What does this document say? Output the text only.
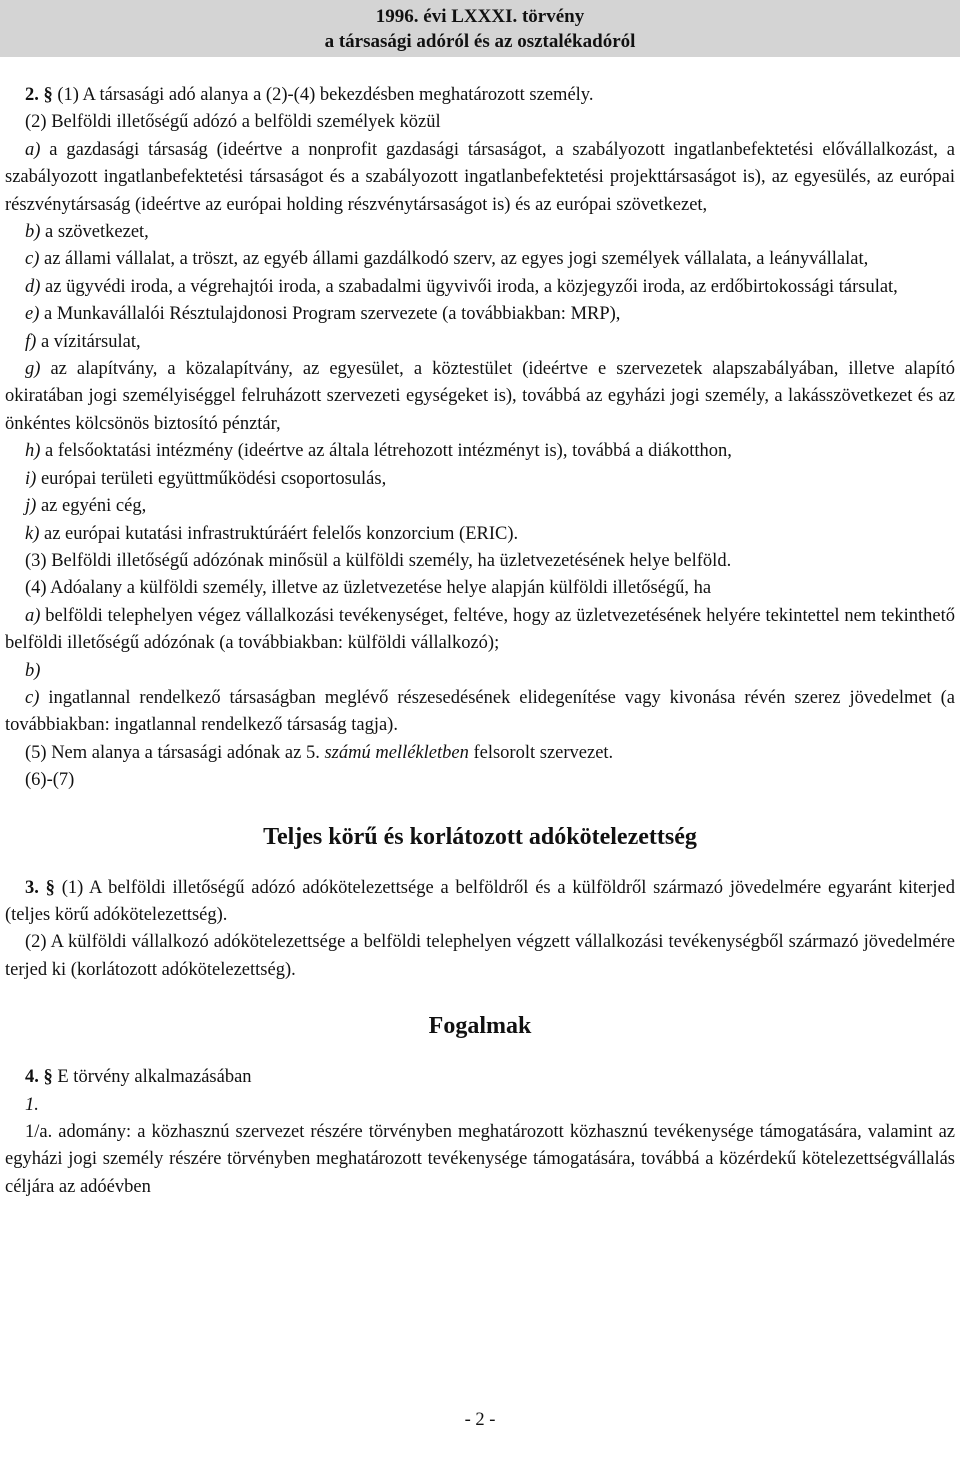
1996. évi LXXXI. törvény
a társasági adóról és az osztalékadóról

2. § (1) A társasági adó alanya a (2)-(4) bekezdésben meghatározott személy.

(2) Belföldi illetőségű adózó a belföldi személyek közül

a) a gazdasági társaság (ideértve a nonprofit gazdasági társaságot, a szabályozott ingatlanbefektetési elővállalkozást, a szabályozott ingatlanbefektetési társaságot és a szabályozott ingatlanbefektetési projekttársaságot is), az egyesülés, az európai részvénytársaság (ideértve az európai holding részvénytársaságot is) és az európai szövetkezet,

b) a szövetkezet,

c) az állami vállalat, a tröszt, az egyéb állami gazdálkodó szerv, az egyes jogi személyek vállalata, a leányvállalat,

d) az ügyvédi iroda, a végrehajtói iroda, a szabadalmi ügyvivői iroda, a közjegyzői iroda, az erdőbirtokossági társulat,

e) a Munkavállalói Résztulajdonosi Program szervezete (a továbbiakban: MRP),

f) a vízitársulat,

g) az alapítvány, a közalapítvány, az egyesület, a köztestület (ideértve e szervezetek alapszabályában, illetve alapító okiratában jogi személyiséggel felruházott szervezeti egységeket is), továbbá az egyházi jogi személy, a lakásszövetkezet és az önkéntes kölcsönös biztosító pénztár,

h) a felsőoktatási intézmény (ideértve az általa létrehozott intézményt is), továbbá a diákotthon,

i) európai területi együttműködési csoportosulás,

j) az egyéni cég,

k) az európai kutatási infrastruktúráért felelős konzorcium (ERIC).

(3) Belföldi illetőségű adózónak minősül a külföldi személy, ha üzletvezetésének helye belföld.

(4) Adóalany a külföldi személy, illetve az üzletvezetése helye alapján külföldi illetőségű, ha

a) belföldi telephelyen végez vállalkozási tevékenységet, feltéve, hogy az üzletvezetésének helyére tekintettel nem tekinthető belföldi illetőségű adózónak (a továbbiakban: külföldi vállalkozó);

b)

c) ingatlannal rendelkező társaságban meglévő részesedésének elidegenítése vagy kivonása révén szerez jövedelmet (a továbbiakban: ingatlannal rendelkező társaság tagja).

(5) Nem alanya a társasági adónak az 5. számú mellékletben felsorolt szervezet.

(6)-(7)

Teljes körű és korlátozott adókötelezettség

3. § (1) A belföldi illetőségű adózó adókötelezettsége a belföldről és a külföldről származó jövedelmére egyaránt kiterjed (teljes körű adókötelezettség).

(2) A külföldi vállalkozó adókötelezettsége a belföldi telephelyen végzett vállalkozási tevékenységből származó jövedelmére terjed ki (korlátozott adókötelezettség).

Fogalmak

4. § E törvény alkalmazásában

1.

1/a. adomány: a közhasznú szervezet részére törvényben meghatározott közhasznú tevékenysége támogatására, valamint az egyházi jogi személy részére törvényben meghatározott tevékenysége támogatására, továbbá a közérdekű kötelezettségvállalás céljára az adóévben

- 2 -
